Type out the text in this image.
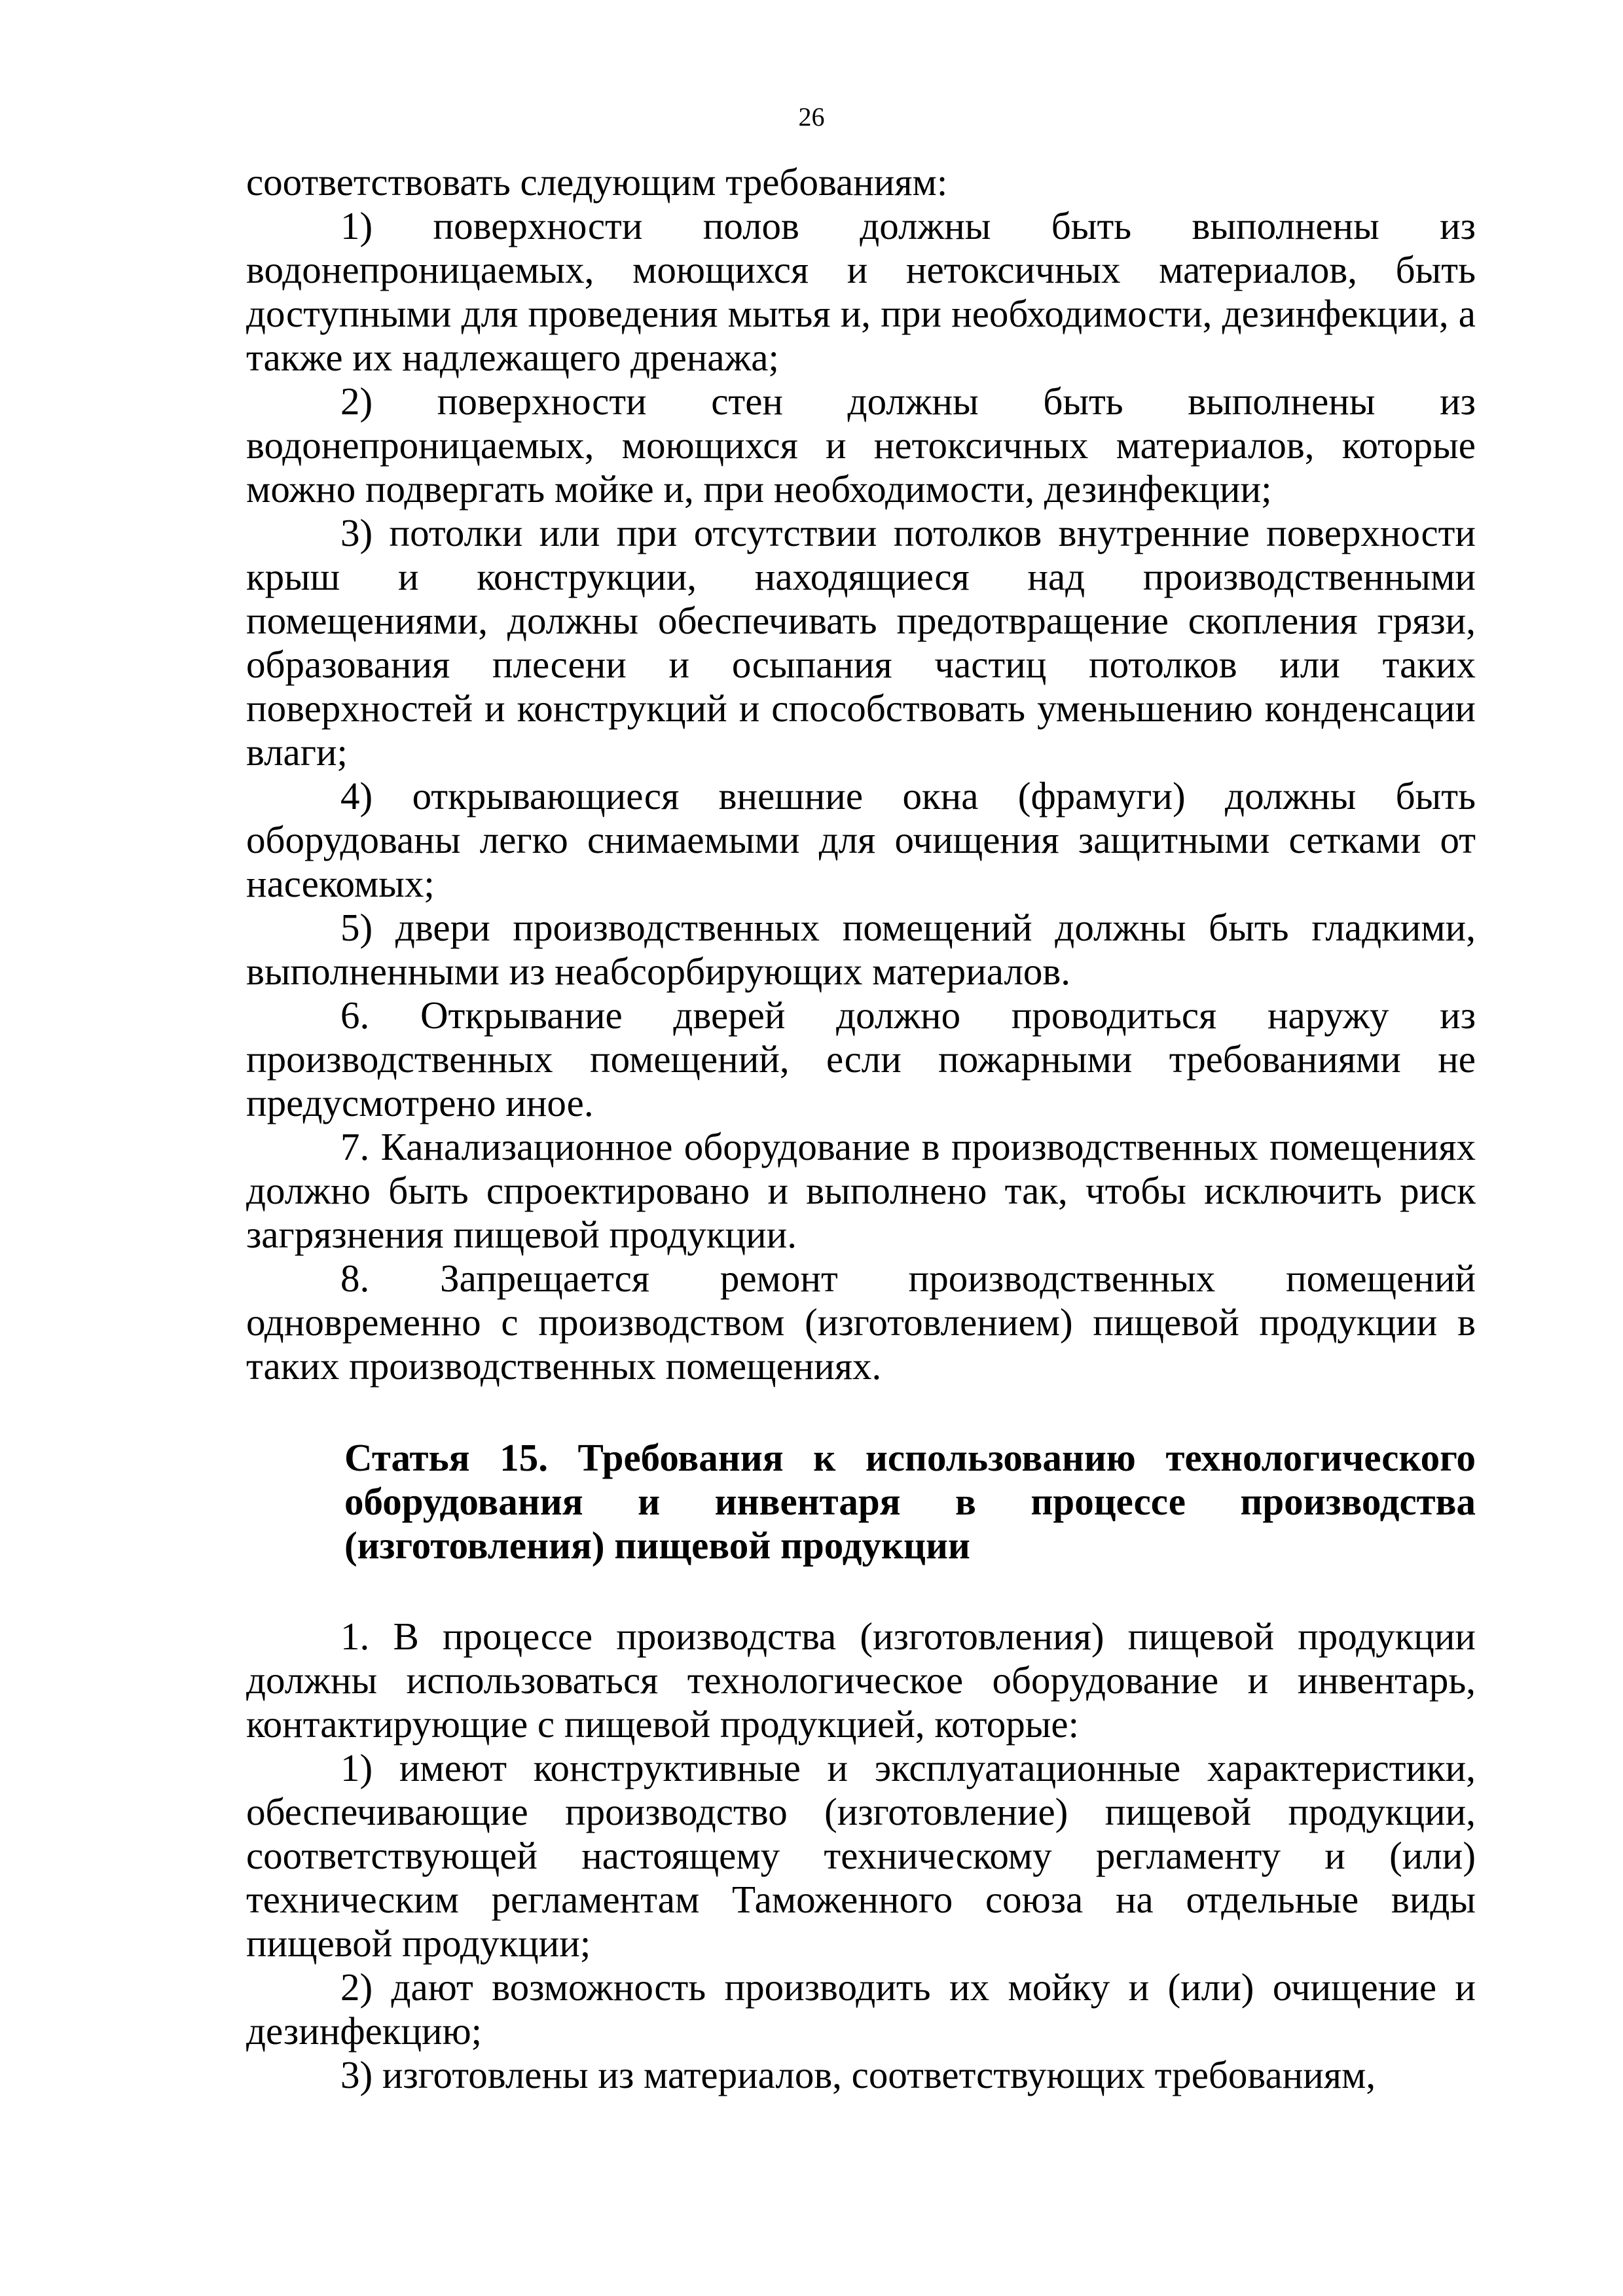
26

соответствовать следующим требованиям:

1) поверхности полов должны быть выполнены из водонепроницаемых, моющихся и нетоксичных материалов, быть доступными для проведения мытья и, при необходимости, дезинфекции, а также их надлежащего дренажа;

2) поверхности стен должны быть выполнены из водонепроницаемых, моющихся и нетоксичных материалов, которые можно подвергать мойке и, при необходимости, дезинфекции;

3) потолки или при отсутствии потолков внутренние поверхности крыш и конструкции, находящиеся над производственными помещениями, должны обеспечивать предотвращение скопления грязи, образования плесени и осыпания частиц потолков или таких поверхностей и конструкций и способствовать уменьшению конденсации влаги;

4) открывающиеся внешние окна (фрамуги) должны быть оборудованы легко снимаемыми для очищения защитными сетками от насекомых;

5) двери производственных помещений должны быть гладкими, выполненными из неабсорбирующих материалов.

6. Открывание дверей должно проводиться наружу из производственных помещений, если пожарными требованиями не предусмотрено иное.

7. Канализационное оборудование в производственных помещениях должно быть спроектировано и выполнено так, чтобы исключить риск загрязнения пищевой продукции.

8. Запрещается ремонт производственных помещений одновременно с производством (изготовлением) пищевой продукции в таких производственных помещениях.

Статья 15. Требования к использованию технологического оборудования и инвентаря в процессе производства (изготовления) пищевой продукции

1. В процессе производства (изготовления) пищевой продукции должны использоваться технологическое оборудование и инвентарь, контактирующие с пищевой продукцией, которые:

1) имеют конструктивные и эксплуатационные характеристики, обеспечивающие производство (изготовление) пищевой продукции, соответствующей настоящему техническому регламенту и (или) техническим регламентам Таможенного союза на отдельные виды пищевой продукции;

2) дают возможность производить их мойку и (или) очищение и дезинфекцию;

3) изготовлены из материалов, соответствующих требованиям,
